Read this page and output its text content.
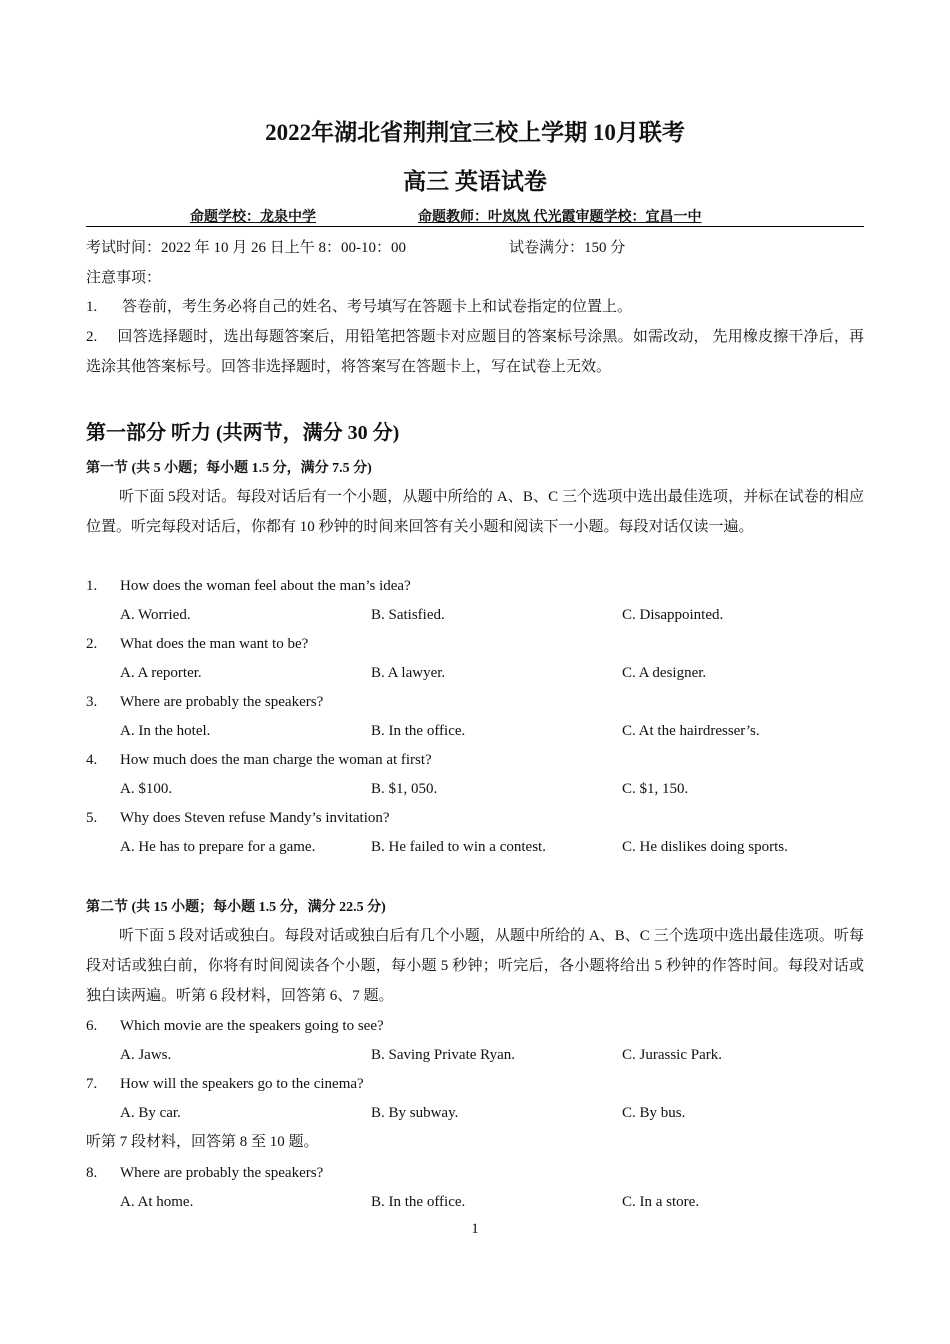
2022年湖北省荆荆宜三校上学期 10月联考
高三 英语试卷
命题学校：龙泉中学	命题教师：叶岚岚 代光霞审题学校：宜昌一中
考试时间：2022 年 10 月 26 日上午 8：00-10：00	试卷满分：150 分
注意事项：
1. 答卷前，考生务必将自己的姓名、考号填写在答题卡上和试卷指定的位置上。
2. 回答选择题时，选出每题答案后，用铅笔把答题卡对应题目的答案标号涂黑。如需改动， 先用橡皮擦干净后，再选涂其他答案标号。回答非选择题时，将答案写在答题卡上，写在试卷上无效。
第一部分 听力 (共两节，满分 30 分)
第一节 (共 5 小题；每小题 1.5 分，满分 7.5 分)
听下面 5段对话。每段对话后有一个小题，从题中所给的 A、B、C 三个选项中选出最佳选项，并标在试卷的相应位置。听完每段对话后，你都有 10 秒钟的时间来回答有关小题和阅读下一小题。每段对话仅读一遍。
1. How does the woman feel about the man’s idea?
A. Worried.	B. Satisfied.	C. Disappointed.
2. What does the man want to be?
A. A reporter.	B. A lawyer.	C. A designer.
3. Where are probably the speakers?
A. In the hotel.	B. In the office.	C. At the hairdresser’s.
4. How much does the man charge the woman at first?
A. $100.	B. $1, 050.	C. $1, 150.
5. Why does Steven refuse Mandy’s invitation?
A. He has to prepare for a game.	B. He failed to win a contest.	C. He dislikes doing sports.
第二节 (共 15 小题；每小题 1.5 分，满分 22.5 分)
听下面 5 段对话或独白。每段对话或独白后有几个小题，从题中所给的 A、B、C 三个选项中选出最佳选项。听每段对话或独白前，你将有时间阅读各个小题，每小题 5 秒钟；听完后，各小题将给出 5 秒钟的作答时间。每段对话或独白读两遍。听第 6 段材料，回答第 6、7 题。
6. Which movie are the speakers going to see?
A. Jaws.	B. Saving Private Ryan.	C. Jurassic Park.
7. How will the speakers go to the cinema?
A. By car.	B. By subway.	C. By bus.
听第 7 段材料，回答第 8 至 10 题。
8. Where are probably the speakers?
A. At home.	B. In the office.	C. In a store.
1
